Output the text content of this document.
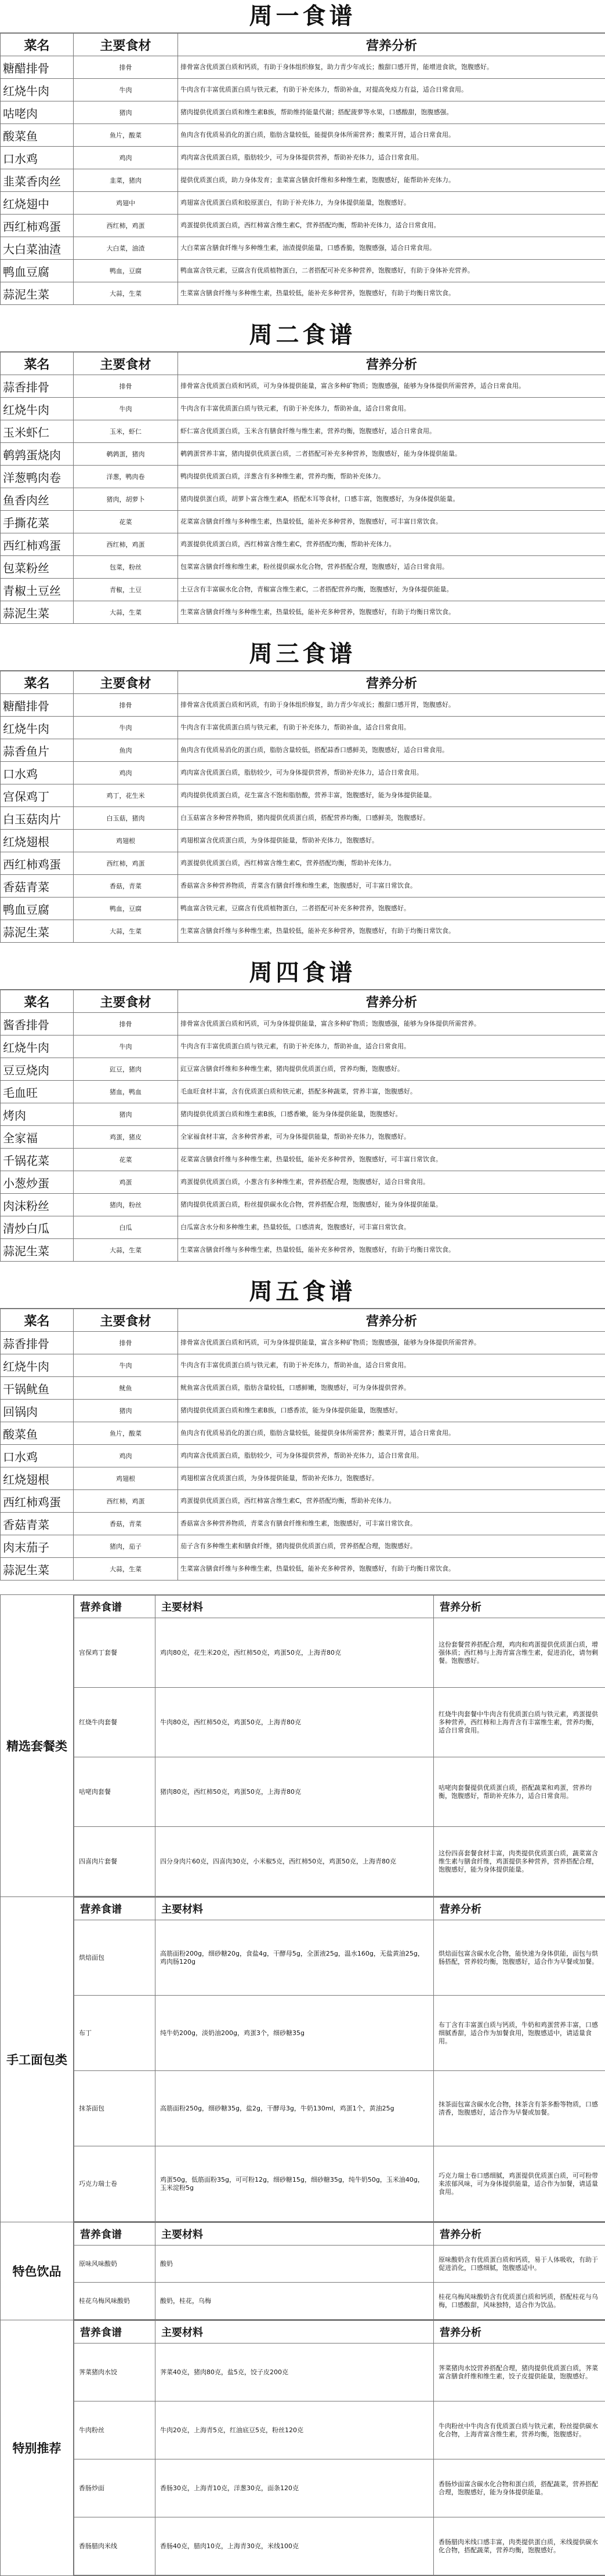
周一食谱
菜名	主要食材	营养分析
糖醋排骨	排骨	排骨富含优质蛋白质和钙质，有助于身体组织修复，助力青少年成长；酸甜口感开胃，能增进食欲，饱腹感好。
红烧牛肉	牛肉	牛肉含有丰富优质蛋白质与铁元素，有助于补充体力，帮助补血，对提高免疫力有益，适合日常食用。
咕咾肉	猪肉	猪肉提供优质蛋白质和维生素B族，帮助维持能量代谢；搭配菠萝等水果，口感酸甜，饱腹感强。
酸菜鱼	鱼片，酸菜	鱼肉含有优质易消化的蛋白质，脂肪含量较低，能提供身体所需营养；酸菜开胃，适合日常食用。
口水鸡	鸡肉	鸡肉富含优质蛋白质，脂肪较少，可为身体提供营养，帮助补充体力，适合日常食用。
韭菜香肉丝	韭菜，猪肉	提供优质蛋白质，助力身体发育；韭菜富含膳食纤维和多种维生素，饱腹感好，能帮助补充体力。
红烧翅中	鸡翅中	鸡翅富含优质蛋白质和胶原蛋白，有助于补充体力，为身体提供能量，饱腹感好。
西红柿鸡蛋	西红柿，鸡蛋	鸡蛋提供优质蛋白质，西红柿富含维生素C，营养搭配均衡，帮助补充体力，适合日常食用。
大白菜油渣	大白菜，油渣	大白菜富含膳食纤维与多种维生素，油渣提供能量，口感香脆，饱腹感强，适合日常食用。
鸭血豆腐	鸭血，豆腐	鸭血富含铁元素，豆腐含有优质植物蛋白，二者搭配可补充多种营养，饱腹感好，有助于身体补充营养。
蒜泥生菜	大蒜，生菜	生菜富含膳食纤维与多种维生素，热量较低，能补充多种营养，饱腹感好，有助于均衡日常饮食。
周二食谱
菜名	主要食材	营养分析
蒜香排骨	排骨	排骨富含优质蛋白质和钙质，可为身体提供能量，富含多种矿物质；饱腹感强，能够为身体提供所需营养，适合日常食用。
红烧牛肉	牛肉	牛肉含有丰富优质蛋白质与铁元素，有助于补充体力，帮助补血，适合日常食用。
玉米虾仁	玉米，虾仁	虾仁富含优质蛋白质，玉米含有膳食纤维与维生素，营养均衡，饱腹感好，适合日常食用。
鹌鹑蛋烧肉	鹌鹑蛋，猪肉	鹌鹑蛋营养丰富，猪肉提供优质蛋白质，二者搭配可补充多种营养，饱腹感好，能为身体提供能量。
洋葱鸭肉卷	洋葱，鸭肉卷	鸭肉提供优质蛋白质，洋葱含有多种维生素，营养均衡，帮助补充体力。
鱼香肉丝	猪肉，胡萝卜	猪肉提供蛋白质，胡萝卜富含维生素A，搭配木耳等食材，口感丰富，饱腹感好，为身体提供能量。
手撕花菜	花菜	花菜富含膳食纤维与多种维生素，热量较低，能补充多种营养，饱腹感好，可丰富日常饮食。
西红柿鸡蛋	西红柿，鸡蛋	鸡蛋提供优质蛋白质，西红柿富含维生素C，营养搭配均衡，帮助补充体力。
包菜粉丝	包菜，粉丝	包菜富含膳食纤维和维生素，粉丝提供碳水化合物，营养搭配合理，饱腹感好，适合日常食用。
青椒土豆丝	青椒，土豆	土豆含有丰富碳水化合物，青椒富含维生素C，二者搭配营养均衡，饱腹感好，为身体提供能量。
蒜泥生菜	大蒜，生菜	生菜富含膳食纤维与多种维生素，热量较低，能补充多种营养，饱腹感好，有助于均衡日常饮食。
周三食谱
菜名	主要食材	营养分析
糖醋排骨	排骨	排骨富含优质蛋白质和钙质，有助于身体组织修复，助力青少年成长；酸甜口感开胃，饱腹感好。
红烧牛肉	牛肉	牛肉含有丰富优质蛋白质与铁元素，有助于补充体力，帮助补血，适合日常食用。
蒜香鱼片	鱼肉	鱼肉含有优质易消化的蛋白质，脂肪含量较低，搭配蒜香口感鲜美，饱腹感好，适合日常食用。
口水鸡	鸡肉	鸡肉富含优质蛋白质，脂肪较少，可为身体提供营养，帮助补充体力，适合日常食用。
宫保鸡丁	鸡丁，花生米	鸡肉提供优质蛋白质，花生富含不饱和脂肪酸，营养丰富，饱腹感好，能为身体提供能量。
白玉菇肉片	白玉菇，猪肉	白玉菇富含多种营养物质，猪肉提供优质蛋白质，搭配营养均衡，口感鲜美，饱腹感好。
红烧翅根	鸡翅根	鸡翅根富含优质蛋白质，为身体提供能量，帮助补充体力，饱腹感好。
西红柿鸡蛋	西红柿，鸡蛋	鸡蛋提供优质蛋白质，西红柿富含维生素C，营养搭配均衡，帮助补充体力。
香菇青菜	香菇，青菜	香菇富含多种营养物质，青菜含有膳食纤维和维生素，饱腹感好，可丰富日常饮食。
鸭血豆腐	鸭血，豆腐	鸭血富含铁元素，豆腐含有优质植物蛋白，二者搭配可补充多种营养，饱腹感好。
蒜泥生菜	大蒜，生菜	生菜富含膳食纤维与多种维生素，热量较低，能补充多种营养，饱腹感好，有助于均衡日常饮食。
周四食谱
菜名	主要食材	营养分析
酱香排骨	排骨	排骨富含优质蛋白质和钙质，可为身体提供能量，富含多种矿物质；饱腹感强，能够为身体提供所需营养。
红烧牛肉	牛肉	牛肉含有丰富优质蛋白质与铁元素，有助于补充体力，帮助补血，适合日常食用。
豆豆烧肉	豇豆，猪肉	豇豆富含膳食纤维和多种维生素，猪肉提供优质蛋白质，营养均衡，饱腹感好。
毛血旺	猪血，鸭血	毛血旺食材丰富，含有优质蛋白质和铁元素，搭配多种蔬菜，营养丰富，饱腹感好。
烤肉	猪肉	猪肉提供优质蛋白质和维生素B族，口感香嫩，能为身体提供能量，饱腹感好。
全家福	鸡蛋，猪皮	全家福食材丰富，含多种营养素，可为身体提供能量，帮助补充体力，饱腹感好。
千锅花菜	花菜	花菜富含膳食纤维与多种维生素，热量较低，能补充多种营养，饱腹感好，可丰富日常饮食。
小葱炒蛋	鸡蛋	鸡蛋提供优质蛋白质，小葱含有多种维生素，营养搭配合理，饱腹感好，适合日常食用。
肉沫粉丝	猪肉，粉丝	猪肉提供优质蛋白质，粉丝提供碳水化合物，营养搭配合理，饱腹感好，能为身体提供能量。
清炒白瓜	白瓜	白瓜富含水分和多种维生素，热量较低，口感清爽，饱腹感好，可丰富日常饮食。
蒜泥生菜	大蒜，生菜	生菜富含膳食纤维与多种维生素，热量较低，能补充多种营养，饱腹感好，有助于均衡日常饮食。
周五食谱
菜名	主要食材	营养分析
蒜香排骨	排骨	排骨富含优质蛋白质和钙质，可为身体提供能量，富含多种矿物质；饱腹感强，能够为身体提供所需营养。
红烧牛肉	牛肉	牛肉含有丰富优质蛋白质与铁元素，有助于补充体力，帮助补血，适合日常食用。
干锅鱿鱼	鱿鱼	鱿鱼富含优质蛋白质，脂肪含量较低，口感鲜嫩，饱腹感好，可为身体提供营养。
回锅肉	猪肉	猪肉提供优质蛋白质和维生素B族，口感香浓，能为身体提供能量，饱腹感好。
酸菜鱼	鱼片，酸菜	鱼肉含有优质易消化的蛋白质，脂肪含量较低，能提供身体所需营养；酸菜开胃，适合日常食用。
口水鸡	鸡肉	鸡肉富含优质蛋白质，脂肪较少，可为身体提供营养，帮助补充体力，适合日常食用。
红烧翅根	鸡翅根	鸡翅根富含优质蛋白质，为身体提供能量，帮助补充体力，饱腹感好。
西红柿鸡蛋	西红柿，鸡蛋	鸡蛋提供优质蛋白质，西红柿富含维生素C，营养搭配均衡，帮助补充体力。
香菇青菜	香菇，青菜	香菇富含多种营养物质，青菜含有膳食纤维和维生素，饱腹感好，可丰富日常饮食。
肉末茄子	猪肉，茄子	茄子含有多种维生素和膳食纤维，猪肉提供优质蛋白质，营养搭配合理，饱腹感好。
蒜泥生菜	大蒜，生菜	生菜富含膳食纤维与多种维生素，热量较低，能补充多种营养，饱腹感好，有助于均衡日常饮食。
精选套餐类	
营养食谱	主要材料	营养分析
宫保鸡丁套餐	鸡肉80克，花生米20克，西红柿50克，鸡蛋50克，上海青80克	这份套餐营养搭配合理，鸡肉和鸡蛋提供优质蛋白质，增强体质；西红柿与上海青富含维生素，促进消化，请勿剩餐。饱腹感好。
红烧牛肉套餐	牛肉80克，西红柿50克，鸡蛋50克，上海青80克	红烧牛肉套餐中牛肉含有优质蛋白质与铁元素，鸡蛋提供多种营养，西红柿和上海青含有丰富维生素，营养均衡，适合日常食用。
咕咾肉套餐	猪肉80克，西红柿50克，鸡蛋50克，上海青80克	咕咾肉套餐提供优质蛋白质，搭配蔬菜和鸡蛋，营养均衡，饱腹感好，帮助补充体力，适合日常食用。
四喜肉片套餐	四分身肉片60克，四喜肉30克，小米椒5克，西红柿50克，鸡蛋50克，上海青80克	这份四喜套餐食材丰富，肉类提供优质蛋白质，蔬菜富含维生素与膳食纤维，鸡蛋提供多种营养，营养搭配合理，饱腹感好，能为身体提供能量。

手工面包类	
营养食谱	主要材料	营养分析
烘焙面包	高筋面粉200g，细砂糖20g，食盐4g，干酵母5g，全蛋液25g，温水160g，无盐黄油25g，鸡肉肠120g	烘焙面包富含碳水化合物，能快速为身体供能，面包与烘肠搭配，营养较均衡，饱腹感好，适合作为早餐或加餐。
布丁	纯牛奶200g，淡奶油200g，鸡蛋3个，细砂糖35g	布丁含有丰富蛋白质与钙质，牛奶和鸡蛋营养丰富，口感细腻香甜，适合作为加餐食用，饱腹感适中，请适量食用。
抹茶面包	高筋面粉250g，细砂糖35g，盐2g，干酵母3g，牛奶130ml，鸡蛋1个，黄油25g	抹茶面包富含碳水化合物，抹茶含有茶多酚等物质，口感清香，饱腹感好，适合作为早餐或加餐。
巧克力瑞士卷	鸡蛋50g，低筋面粉35g，可可粉12g，细砂糖15g，细砂糖35g，纯牛奶50g，玉米油40g，玉米淀粉5g	巧克力瑞士卷口感细腻，鸡蛋提供优质蛋白质，可可粉带来浓郁风味，可为身体提供能量，适合作为加餐，请适量食用。

特色饮品	
营养食谱	主要材料	营养分析
原味风味酸奶	酸奶	原味酸奶含有优质蛋白质和钙质，易于人体吸收，有助于促进消化，口感细腻，饱腹感适中。
桂花乌梅风味酸奶	酸奶，桂花，乌梅	桂花乌梅风味酸奶含有优质蛋白质和钙质，搭配桂花与乌梅，口感酸甜，风味独特，适合作为饮品。

特别推荐	
营养食谱	主要材料	营养分析
荠菜猪肉水饺	荠菜40克，猪肉80克，盐5克，饺子皮200克	荠菜猪肉水饺营养搭配合理，猪肉提供优质蛋白质，荠菜富含膳食纤维和维生素，饺子皮提供能量，饱腹感好。
牛肉粉丝	牛肉20克，上海青5克，红油底豆5克，粉丝120克	牛肉粉丝中牛肉含有优质蛋白质与铁元素，粉丝提供碳水化合物，上海青富含维生素，营养均衡，饱腹感好。
香肠炒面	香肠30克，上海青10克，洋葱30克，面条120克	香肠炒面富含碳水化合物和蛋白质，搭配蔬菜，营养搭配合理，饱腹感好，能为身体提供能量。
香肠腊肉米线	香肠40克，腊肉10克，上海青30克，米线100克	香肠腊肉米线口感丰富，肉类提供蛋白质，米线提供碳水化合物，搭配蔬菜，营养均衡，饱腹感好。
